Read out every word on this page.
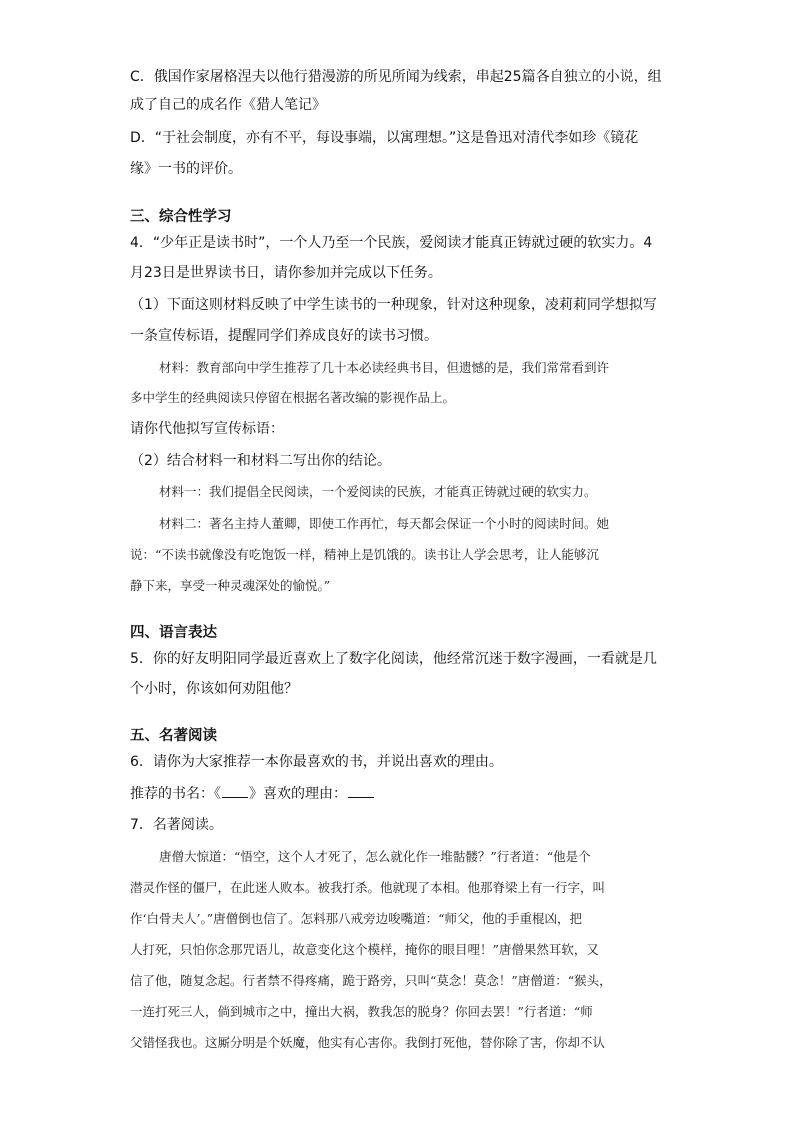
C．俄国作家屠格涅夫以他行猎漫游的所见所闻为线索，串起25篇各自独立的小说，组
成了自己的成名作《猎人笔记》
D．“于社会制度，亦有不平，每设事端，以寓理想。”这是鲁迅对清代李如珍《镜花
缘》一书的评价。
三、综合性学习
4．“少年正是读书时”，一个人乃至一个民族，爱阅读才能真正铸就过硬的软实力。4
月23日是世界读书日，请你参加并完成以下任务。
（1）下面这则材料反映了中学生读书的一种现象，针对这种现象，凌莉莉同学想拟写
一条宣传标语，提醒同学们养成良好的读书习惯。
材料：教育部向中学生推荐了几十本必读经典书目，但遗憾的是，我们常常看到许
多中学生的经典阅读只停留在根据名著改编的影视作品上。
请你代他拟写宣传标语：
（2）结合材料一和材料二写出你的结论。
材料一：我们提倡全民阅读，一个爱阅读的民族，才能真正铸就过硬的软实力。
材料二：著名主持人董卿，即使工作再忙，每天都会保证一个小时的阅读时间。她
说：“不读书就像没有吃饱饭一样，精神上是饥饿的。读书让人学会思考，让人能够沉
静下来，享受一种灵魂深处的愉悦。”
四、语言表达
5．你的好友明阳同学最近喜欢上了数字化阅读，他经常沉迷于数字漫画，一看就是几
个小时，你该如何劝阻他？
五、名著阅读
6．请你为大家推荐一本你最喜欢的书，并说出喜欢的理由。
推荐的书名：《 》喜欢的理由：
7．名著阅读。
唐僧大惊道：“悟空，这个人才死了，怎么就化作一堆骷髅？”行者道：“他是个
潜灵作怪的僵尸，在此迷人败本。被我打杀。他就现了本相。他那脊梁上有一行字，叫
作‘白骨夫人’。”唐僧倒也信了。怎料那八戒旁边唆嘴道：“师父，他的手重棍凶，把
人打死，只怕你念那咒语儿，故意变化这个模样，掩你的眼目哩！”唐僧果然耳软，又
信了他，随复念起。行者禁不得疼痛，跪于路旁，只叫“莫念！莫念！”唐僧道：“猴头，
一连打死三人，倘到城市之中，撞出大祸，教我怎的脱身？你回去罢！”行者道：“师
父错怪我也。这厮分明是个妖魔，他实有心害你。我倒打死他，替你除了害，你却不认
